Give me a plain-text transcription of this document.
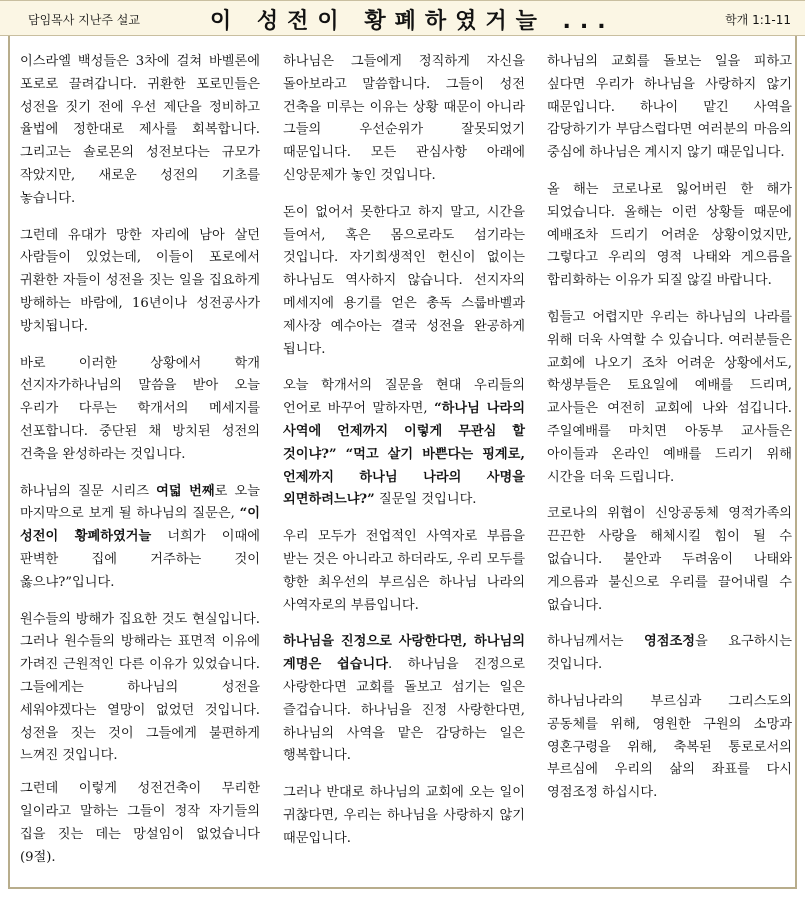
담임목사 지난주 설교	이 성전이 황폐하였거늘 ...	학개 1:1-11

이스라엘 백성들은 3차에 걸쳐 바벨론에 포로로 끌려갑니다. 귀환한 포로민들은 성전을 짓기 전에 우선 제단을 정비하고 율법에 정한대로 제사를 회복합니다. 그리고는 솔로몬의 성전보다는 규모가 작았지만, 새로운 성전의 기초를 놓습니다.

그런데 유대가 망한 자리에 남아 살던 사람들이 있었는데, 이들이 포로에서 귀환한 자들이 성전을 짓는 일을 집요하게 방해하는 바람에, 16년이나 성전공사가 방치됩니다.

바로 이러한 상황에서 학개 선지자가하나님의 말씀을 받아 오늘 우리가 다루는 학개서의 메세지를 선포합니다. 중단된 채 방치된 성전의 건축을 완성하라는 것입니다.

하나님의 질문 시리즈 여덟 번째로 오늘 마지막으로 보게 될 하나님의 질문은, “이 성전이 황폐하였거늘 너희가 이때에 판벽한 집에 거주하는 것이 옳으냐?”입니다.

원수들의 방해가 집요한 것도 현실입니다. 그러나 원수들의 방해라는 표면적 이유에 가려진 근원적인 다른 이유가 있었습니다. 그들에게는 하나님의 성전을 세워야겠다는 열망이 없었던 것입니다. 성전을 짓는 것이 그들에게 불편하게 느껴진 것입니다.

그런데 이렇게 성전건축이 무리한 일이라고 말하는 그들이 정작 자기들의 집을 짓는 데는 망설임이 없었습니다(9절).

하나님은 그들에게 정직하게 자신을 돌아보라고 말씀합니다. 그들이 성전 건축을 미루는 이유는 상황 때문이 아니라 그들의 우선순위가 잘못되었기 때문입니다. 모든 관심사항 아래에 신앙문제가 놓인 것입니다.

돈이 없어서 못한다고 하지 말고, 시간을 들여서, 혹은 몸으로라도 섬기라는 것입니다. 자기희생적인 헌신이 없이는 하나님도 역사하지 않습니다. 선지자의 메세지에 용기를 얻은 총독 스룹바벨과 제사장 예수아는 결국 성전을 완공하게 됩니다.

오늘 학개서의 질문을 현대 우리들의 언어로 바꾸어 말하자면, “하나님 나라의 사역에 언제까지 이렇게 무관심 할 것이냐?” “먹고 살기 바쁜다는 핑계로, 언제까지 하나님 나라의 사명을 외면하려느냐?” 질문일 것입니다.

우리 모두가 전업적인 사역자로 부름을 받는 것은 아니라고 하더라도, 우리 모두를 향한 최우선의 부르심은 하나님 나라의 사역자로의 부름입니다.

하나님을 진정으로 사랑한다면, 하나님의 계명은 쉽습니다. 하나님을 진정으로 사랑한다면 교회를 돌보고 섬기는 일은 즐겁습니다. 하나님을 진정 사랑한다면, 하나님의 사역을 맡은 감당하는 일은 행복합니다.

그러나 반대로 하나님의 교회에 오는 일이 귀찮다면, 우리는 하나님을 사랑하지 않기 때문입니다.

하나님의 교회를 돌보는 일을 피하고 싶다면 우리가 하나님을 사랑하지 않기 때문입니다. 하나이 맡긴 사역을 감당하기가 부담스럽다면 여러분의 마음의 중심에 하나님은 계시지 않기 때문입니다.

올 해는 코로나로 잃어버린 한 해가 되었습니다. 올해는 이런 상황들 때문에 예배조차 드리기 어려운 상황이었지만, 그렇다고 우리의 영적 나태와 게으름을 합리화하는 이유가 되질 않길 바랍니다.

힘들고 어렵지만 우리는 하나님의 나라를 위해 더욱 사역할 수 있습니다. 여러분들은 교회에 나오기 조차 어려운 상황에서도, 학생부들은 토요일에 예배를 드리며, 교사들은 여전히 교회에 나와 섬깁니다. 주일예배를 마치면 아동부 교사들은 아이들과 온라인 예배를 드리기 위해 시간을 더욱 드립니다.

코로나의 위협이 신앙공동체 영적가족의 끈끈한 사랑을 해체시킬 힘이 될 수 없습니다. 불안과 두려움이 나태와 게으름과 불신으로 우리를 끌어내릴 수 없습니다.

하나님께서는 영점조정을 요구하시는 것입니다.

하나님나라의 부르심과 그리스도의 공동체를 위해, 영원한 구원의 소망과 영혼구령을 위해, 축복된 통로로서의 부르심에 우리의 삶의 좌표를 다시 영점조정 하십시다.
